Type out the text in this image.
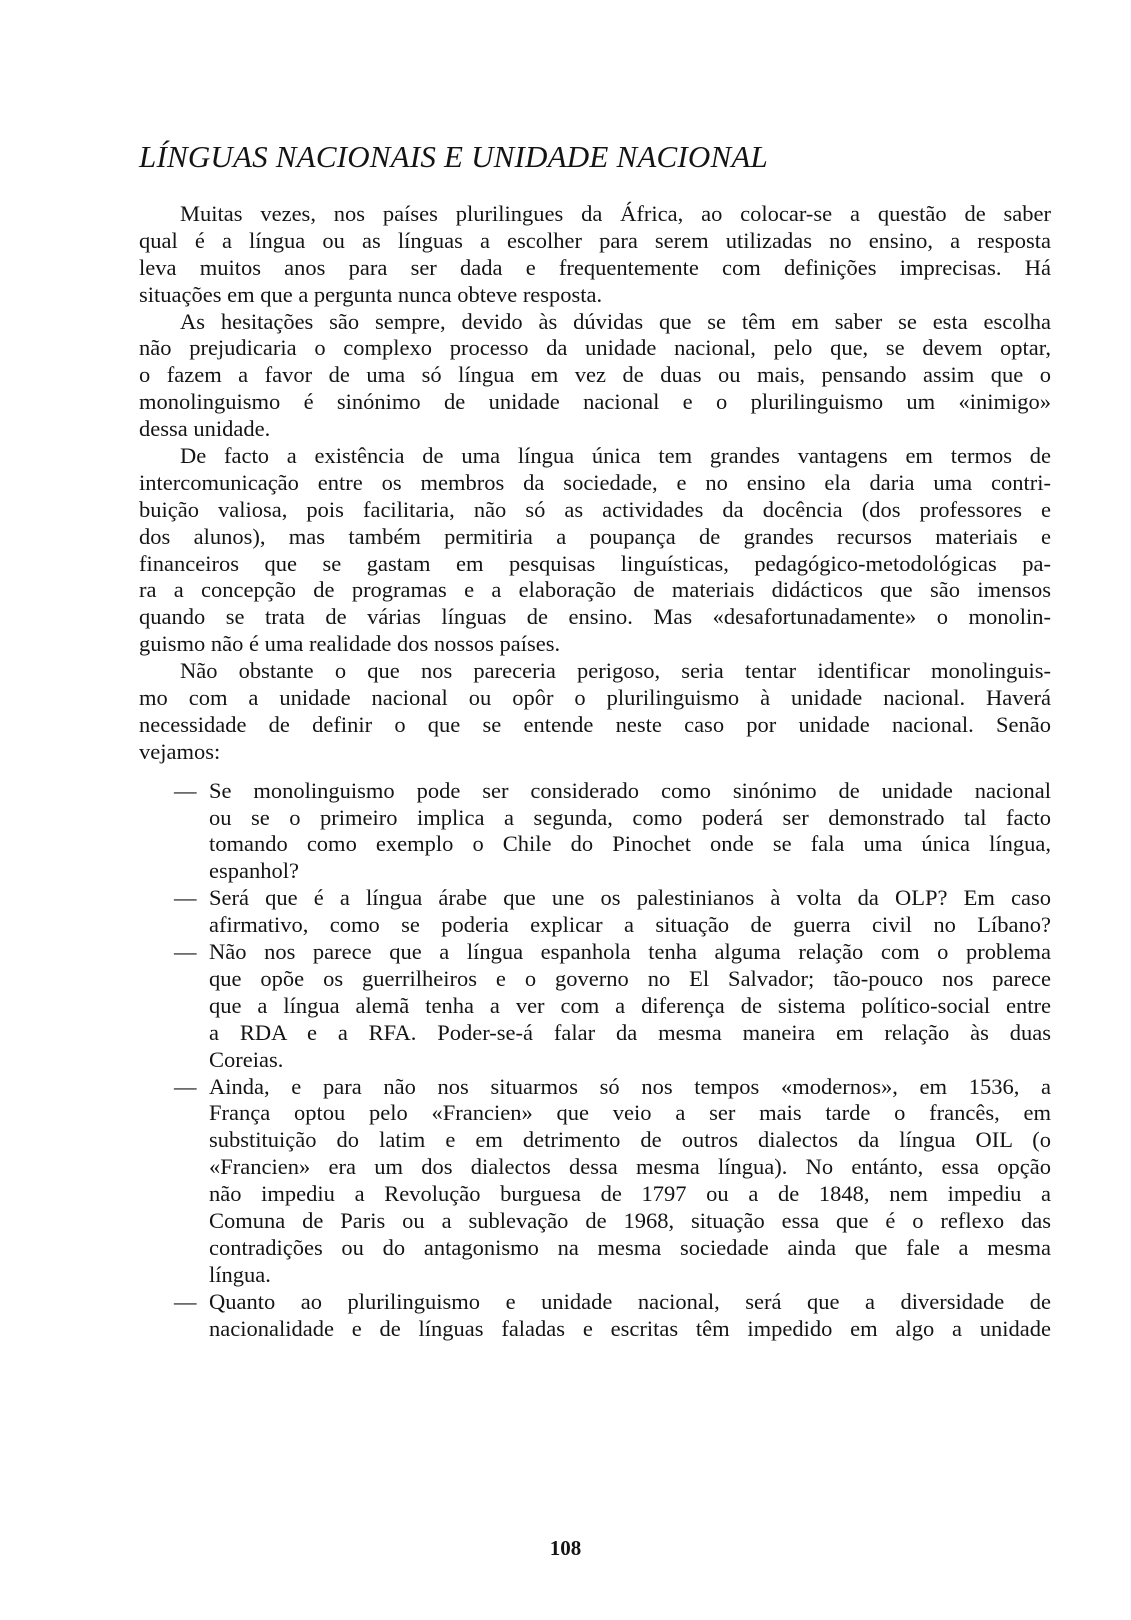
LÍNGUAS NACIONAIS E UNIDADE NACIONAL
Muitas vezes, nos países plurilingues da África, ao colocar-se a questão de saber
qual é a língua ou as línguas a escolher para serem utilizadas no ensino, a resposta
leva muitos anos para ser dada e frequentemente com definições imprecisas. Há
situações em que a pergunta nunca obteve resposta.
As hesitações são sempre, devido às dúvidas que se têm em saber se esta escolha
não prejudicaria o complexo processo da unidade nacional, pelo que, se devem optar,
o fazem a favor de uma só língua em vez de duas ou mais, pensando assim que o
monolinguismo é sinónimo de unidade nacional e o plurilinguismo um «inimigo»
dessa unidade.
De facto a existência de uma língua única tem grandes vantagens em termos de
intercomunicação entre os membros da sociedade, e no ensino ela daria uma contri-
buição valiosa, pois facilitaria, não só as actividades da docência (dos professores e
dos alunos), mas também permitiria a poupança de grandes recursos materiais e
financeiros que se gastam em pesquisas linguísticas, pedagógico-metodológicas pa-
ra a concepção de programas e a elaboração de materiais didácticos que são imensos
quando se trata de várias línguas de ensino. Mas «desafortunadamente» o monolin-
guismo não é uma realidade dos nossos países.
Não obstante o que nos pareceria perigoso, seria tentar identificar monolinguis-
mo com a unidade nacional ou opôr o plurilinguismo à unidade nacional. Haverá
necessidade de definir o que se entende neste caso por unidade nacional. Senão
vejamos:
— Se monolinguismo pode ser considerado como sinónimo de unidade nacional
ou se o primeiro implica a segunda, como poderá ser demonstrado tal facto
tomando como exemplo o Chile do Pinochet onde se fala uma única língua,
espanhol?
— Será que é a língua árabe que une os palestinianos à volta da OLP? Em caso
afirmativo, como se poderia explicar a situação de guerra civil no Líbano?
— Não nos parece que a língua espanhola tenha alguma relação com o problema
que opõe os guerrilheiros e o governo no El Salvador; tão-pouco nos parece
que a língua alemã tenha a ver com a diferença de sistema político-social entre
a RDA e a RFA. Poder-se-á falar da mesma maneira em relação às duas
Coreias.
— Ainda, e para não nos situarmos só nos tempos «modernos», em 1536, a
França optou pelo «Francien» que veio a ser mais tarde o francês, em
substituição do latim e em detrimento de outros dialectos da língua OIL (o
«Francien» era um dos dialectos dessa mesma língua). No entánto, essa opção
não impediu a Revolução burguesa de 1797 ou a de 1848, nem impediu a
Comuna de Paris ou a sublevação de 1968, situação essa que é o reflexo das
contradições ou do antagonismo na mesma sociedade ainda que fale a mesma
língua.
— Quanto ao plurilinguismo e unidade nacional, será que a diversidade de
nacionalidade e de línguas faladas e escritas têm impedido em algo a unidade
108
